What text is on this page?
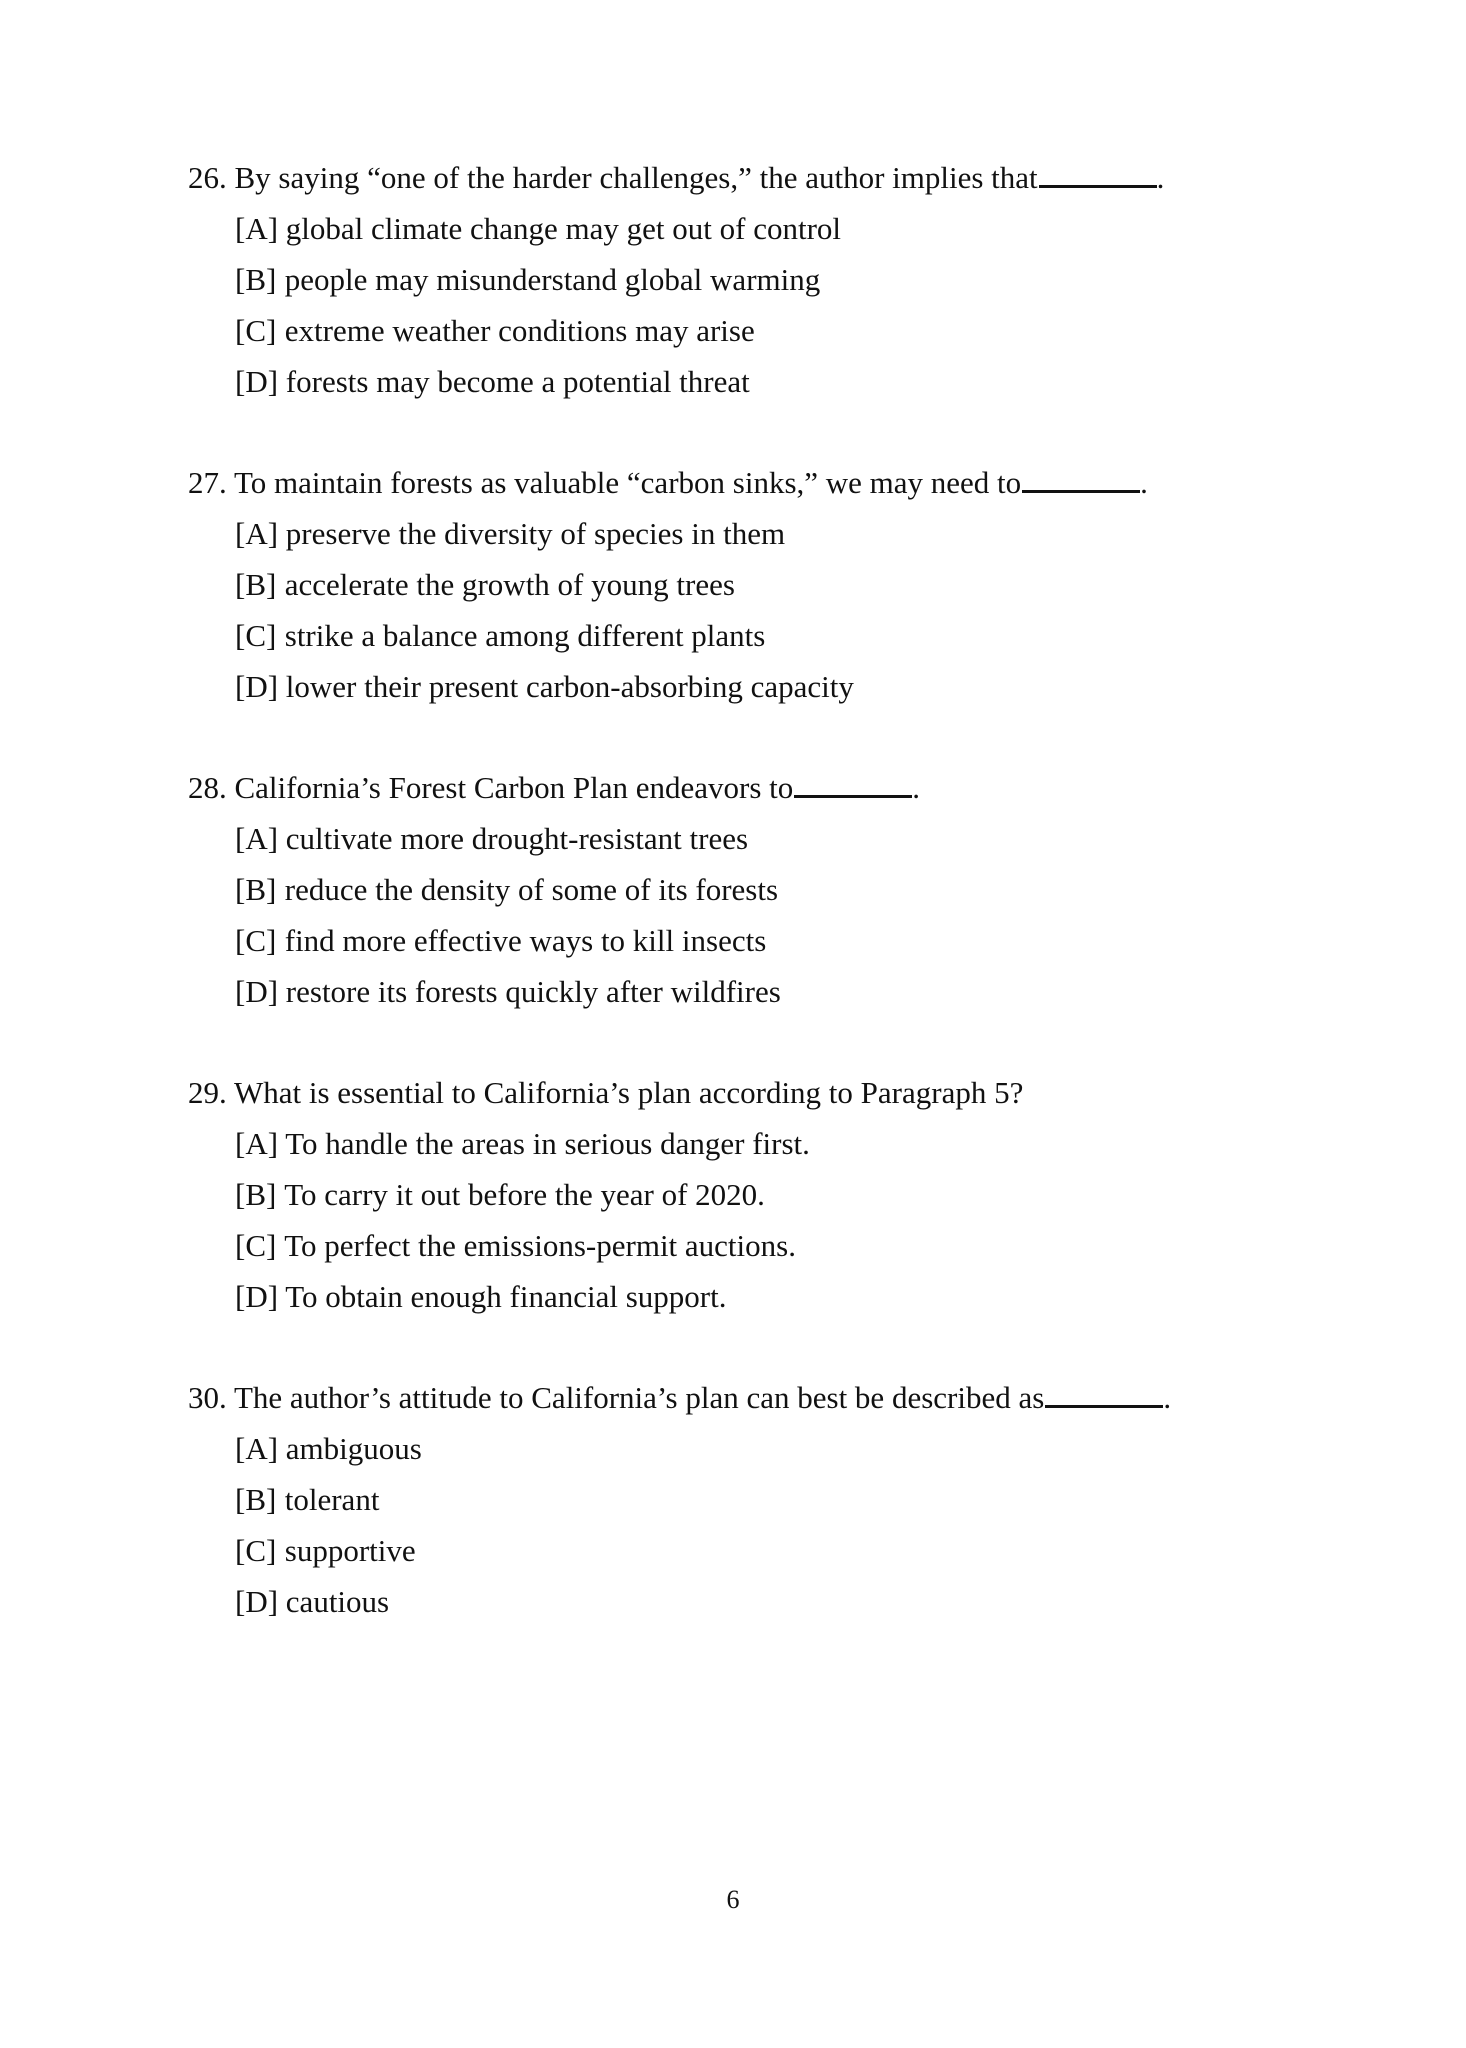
26. By saying “one of the harder challenges,” the author implies that	.
[A] global climate change may get out of control
[B] people may misunderstand global warming
[C] extreme weather conditions may arise
[D] forests may become a potential threat
27. To maintain forests as valuable “carbon sinks,” we may need to	.
[A] preserve the diversity of species in them
[B] accelerate the growth of young trees
[C] strike a balance among different plants
[D] lower their present carbon-absorbing capacity
28. California’s Forest Carbon Plan endeavors to	.
[A] cultivate more drought-resistant trees
[B] reduce the density of some of its forests
[C] find more effective ways to kill insects
[D] restore its forests quickly after wildfires
29. What is essential to California’s plan according to Paragraph 5?
[A] To handle the areas in serious danger first.
[B] To carry it out before the year of 2020.
[C] To perfect the emissions-permit auctions.
[D] To obtain enough financial support.
30. The author’s attitude to California’s plan can best be described as	.
[A] ambiguous
[B] tolerant
[C] supportive
[D] cautious
6
